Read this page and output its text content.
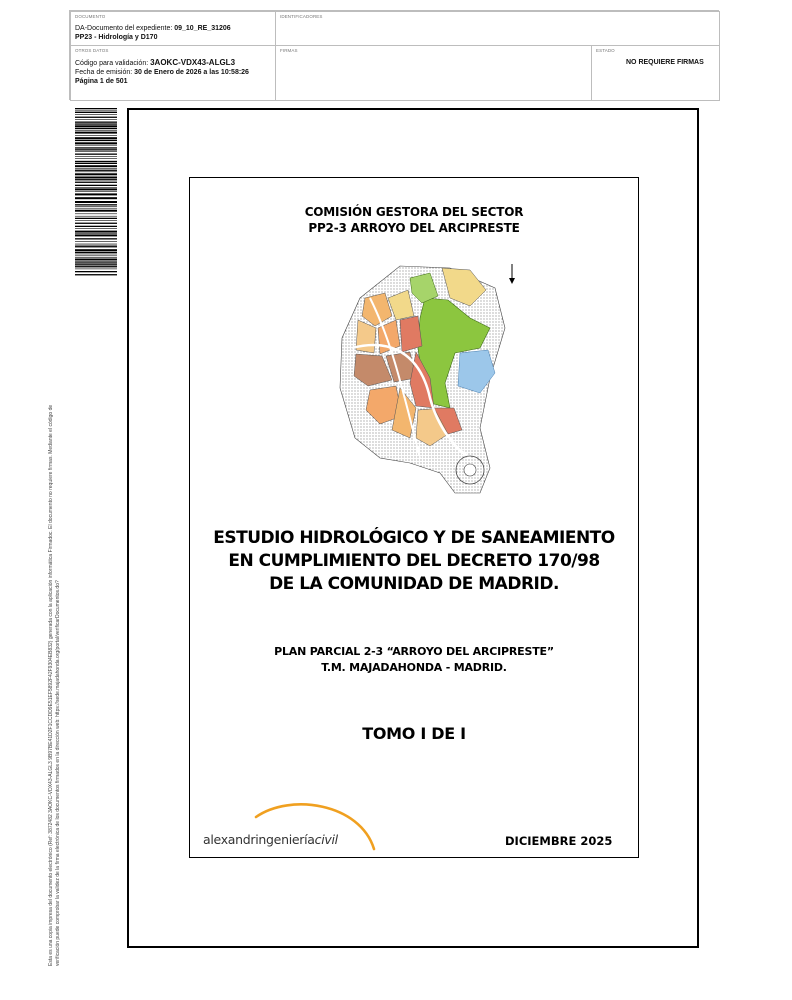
DOCUMENTO
DA-Documento del expediente: 09_10_RE_31206
PP23 - Hidrología y D170
IDENTIFICADORES
OTROS DATOS
Código para validación: 3AOKC-VDX43-ALGL3
Fecha de emisión: 30 de Enero de 2026 a las 10:58:26
Página 1 de 501
FIRMAS	ESTADO
NO REQUIERE FIRMAS
Esta es una copia impresa del documento electrónico (Ref: 3872482 3AOKC-VDX43-ALGL3 9B97BE41D2F1CCDD9E51EF5892F42F9304EB832) generada con la aplicación informática Firmadoc. El documento no requiere firmas. Mediante el código de verificación puede comprobar la validez de la firma electrónica de los documentos firmados en la dirección web: https://sede.majadahonda.org/portal/verificarDocumentos.do?
COMISIÓN GESTORA DEL SECTOR
PP2-3 ARROYO DEL ARCIPRESTE
ESTUDIO HIDROLÓGICO Y DE SANEAMIENTO
EN CUMPLIMIENTO DEL DECRETO 170/98
DE LA COMUNIDAD DE MADRID.
PLAN PARCIAL 2-3 “ARROYO DEL ARCIPRESTE”
T.M. MAJADAHONDA - MADRID.
TOMO I DE I
alexandringenieríacivil	DICIEMBRE 2025
